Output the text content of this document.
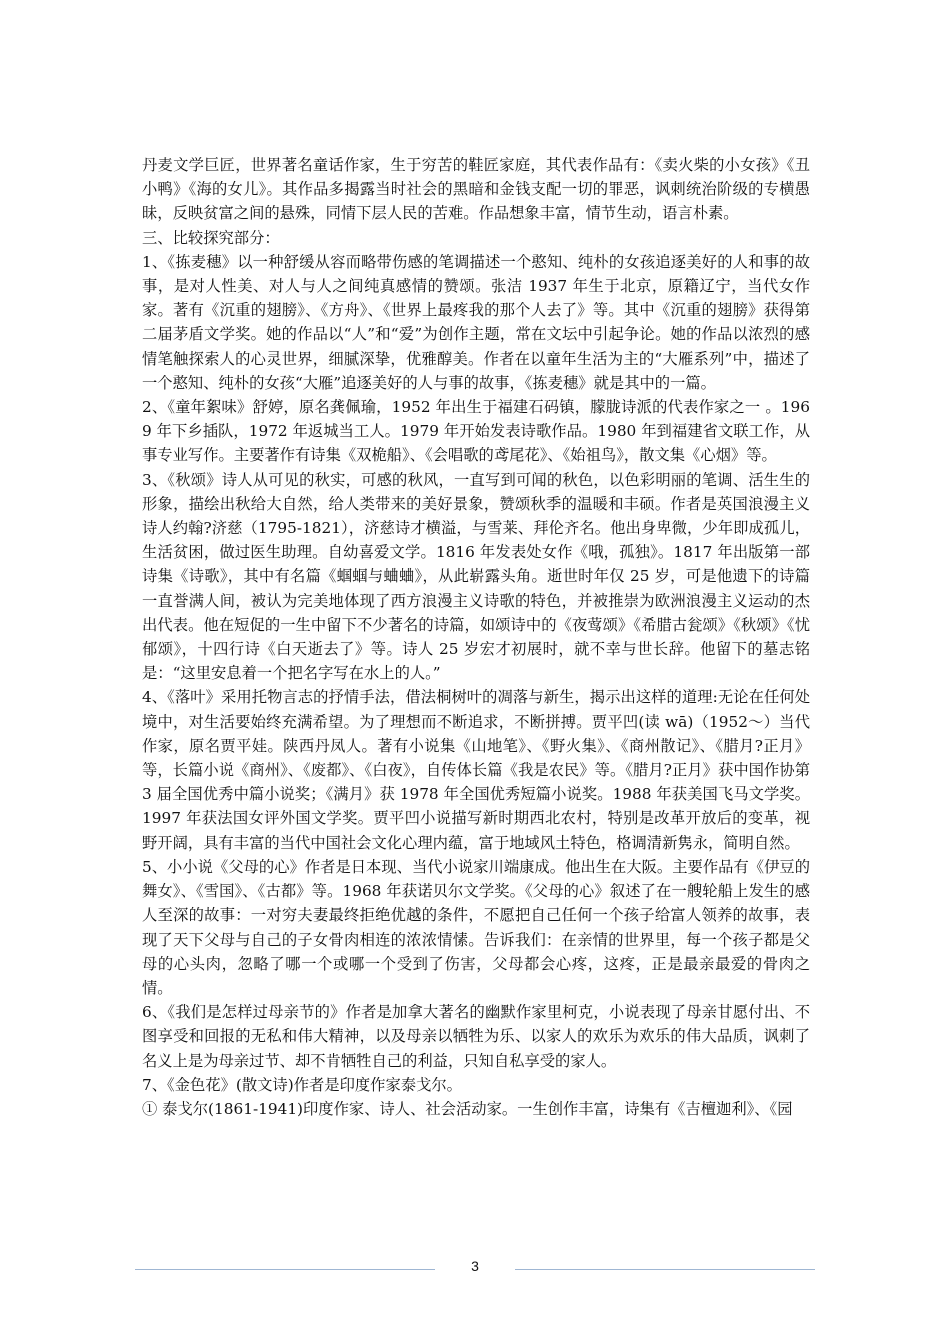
丹麦文学巨匠，世界著名童话作家，生于穷苦的鞋匠家庭，其代表作品有：《卖火柴的小女孩》《丑小鸭》《海的女儿》。其作品多揭露当时社会的黑暗和金钱支配一切的罪恶，讽刺统治阶级的专横愚昧，反映贫富之间的悬殊，同情下层人民的苦难。作品想象丰富，情节生动，语言朴素。

三、比较探究部分：

1、《拣麦穗》以一种舒缓从容而略带伤感的笔调描述一个憨知、纯朴的女孩追逐美好的人和事的故事，是对人性美、对人与人之间纯真感情的赞颂。张洁 1937 年生于北京，原籍辽宁，当代女作家。著有《沉重的翅膀》、《方舟》、《世界上最疼我的那个人去了》等。其中《沉重的翅膀》获得第二届茅盾文学奖。她的作品以“人”和“爱”为创作主题，常在文坛中引起争论。她的作品以浓烈的感情笔触探索人的心灵世界，细腻深挚，优雅醇美。作者在以童年生活为主的“大雁系列”中，描述了一个憨知、纯朴的女孩“大雁”追逐美好的人与事的故事，《拣麦穗》就是其中的一篇。

2、《童年絮味》舒婷，原名龚佩瑜，1952 年出生于福建石码镇，朦胧诗派的代表作家之一 。1969 年下乡插队，1972 年返城当工人。1979 年开始发表诗歌作品。1980 年到福建省文联工作，从事专业写作。主要著作有诗集《双桅船》、《会唱歌的鸢尾花》、《始祖鸟》，散文集《心烟》等。

3、《秋颂》诗人从可见的秋实，可感的秋风，一直写到可闻的秋色，以色彩明丽的笔调、活生生的形象，描绘出秋给大自然，给人类带来的美好景象，赞颂秋季的温暖和丰硕。作者是英国浪漫主义诗人约翰?济慈（1795-1821），济慈诗才横溢，与雪莱、拜伦齐名。他出身卑微，少年即成孤儿，生活贫困，做过医生助理。自幼喜爱文学。1816 年发表处女作《哦，孤独》。1817 年出版第一部诗集《诗歌》，其中有名篇《蝈蝈与蛐蛐》，从此崭露头角。逝世时年仅 25 岁，可是他遗下的诗篇一直誉满人间，被认为完美地体现了西方浪漫主义诗歌的特色，并被推崇为欧洲浪漫主义运动的杰出代表。他在短促的一生中留下不少著名的诗篇，如颂诗中的《夜莺颂》《希腊古瓮颂》《秋颂》《忧郁颂》，十四行诗《白天逝去了》等。诗人 25 岁宏才初展时，就不幸与世长辞。他留下的墓志铭是：“这里安息着一个把名字写在水上的人。”

4、《落叶》采用托物言志的抒情手法，借法桐树叶的凋落与新生，揭示出这样的道理:无论在任何处境中，对生活要始终充满希望。为了理想而不断追求，不断拼搏。贾平凹(读 wā)（1952～）当代作家，原名贾平娃。陕西丹凤人。著有小说集《山地笔》、《野火集》、《商州散记》、《腊月?正月》等，长篇小说《商州》、《废都》、《白夜》，自传体长篇《我是农民》等。《腊月?正月》获中国作协第 3 届全国优秀中篇小说奖；《满月》获 1978 年全国优秀短篇小说奖。1988 年获美国飞马文学奖。1997 年获法国女评外国文学奖。贾平凹小说描写新时期西北农村，特别是改革开放后的变革，视野开阔，具有丰富的当代中国社会文化心理内蕴，富于地域风土特色，格调清新隽永，简明自然。

5、小小说《父母的心》作者是日本现、当代小说家川端康成。他出生在大阪。主要作品有《伊豆的舞女》、《雪国》、《古都》等。1968 年获诺贝尔文学奖。《父母的心》叙述了在一艘轮船上发生的感人至深的故事：一对穷夫妻最终拒绝优越的条件，不愿把自己任何一个孩子给富人领养的故事，表现了天下父母与自己的子女骨肉相连的浓浓情愫。告诉我们：在亲情的世界里，每一个孩子都是父母的心头肉，忽略了哪一个或哪一个受到了伤害，父母都会心疼，这疼，正是最亲最爱的骨肉之情。

6、《我们是怎样过母亲节的》作者是加拿大著名的幽默作家里柯克，小说表现了母亲甘愿付出、不图享受和回报的无私和伟大精神，以及母亲以牺牲为乐、以家人的欢乐为欢乐的伟大品质，讽刺了名义上是为母亲过节、却不肯牺牲自己的利益，只知自私享受的家人。

7、《金色花》(散文诗)作者是印度作家泰戈尔。

① 泰戈尔(1861-1941)印度作家、诗人、社会活动家。一生创作丰富，诗集有《吉檀迦利》、《园

3
